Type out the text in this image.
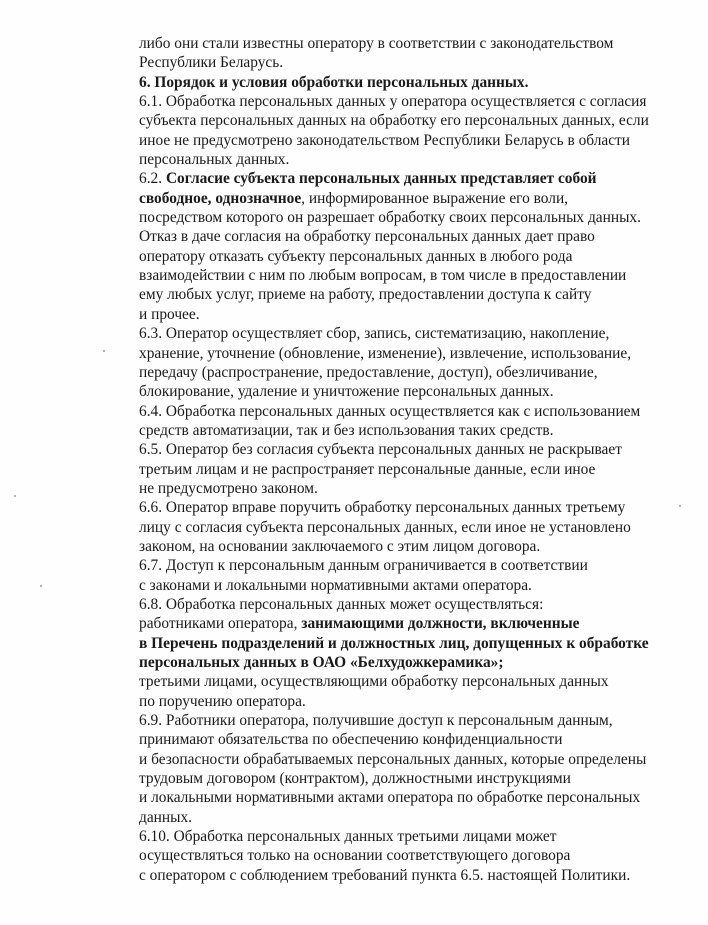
либо они стали известны оператору в соответствии с законодательством
Республики Беларусь.
6. Порядок и условия обработки персональных данных.
6.1. Обработка персональных данных у оператора осуществляется с согласия
субъекта персональных данных на обработку его персональных данных, если
иное не предусмотрено законодательством Республики Беларусь в области
персональных данных.
6.2. Согласие субъекта персональных данных представляет собой
свободное, однозначное, информированное выражение его воли,
посредством которого он разрешает обработку своих персональных данных.
Отказ в даче согласия на обработку персональных данных дает право
оператору отказать субъекту персональных данных в любого рода
взаимодействии с ним по любым вопросам, в том числе в предоставлении
ему любых услуг, приеме на работу, предоставлении доступа к сайту
и прочее.
6.3. Оператор осуществляет сбор, запись, систематизацию, накопление,
хранение, уточнение (обновление, изменение), извлечение, использование,
передачу (распространение, предоставление, доступ), обезличивание,
блокирование, удаление и уничтожение персональных данных.
6.4. Обработка персональных данных осуществляется как с использованием
средств автоматизации, так и без использования таких средств.
6.5. Оператор без согласия субъекта персональных данных не раскрывает
третьим лицам и не распространяет персональные данные, если иное
не предусмотрено законом.
6.6. Оператор вправе поручить обработку персональных данных третьему
лицу с согласия субъекта персональных данных, если иное не установлено
законом, на основании заключаемого с этим лицом договора.
6.7. Доступ к персональным данным ограничивается в соответствии
с законами и локальными нормативными актами оператора.
6.8. Обработка персональных данных может осуществляться:
работниками оператора, занимающими должности, включенные
в Перечень подразделений и должностных лиц, допущенных к обработке
персональных данных в ОАО «Белхудожкерамика»;
третьими лицами, осуществляющими обработку персональных данных
по поручению оператора.
6.9. Работники оператора, получившие доступ к персональным данным,
принимают обязательства по обеспечению конфиденциальности
и безопасности обрабатываемых персональных данных, которые определены
трудовым договором (контрактом), должностными инструкциями
и локальными нормативными актами оператора по обработке персональных
данных.
6.10. Обработка персональных данных третьими лицами может
осуществляться только на основании соответствующего договора
с оператором с соблюдением требований пункта 6.5. настоящей Политики.
